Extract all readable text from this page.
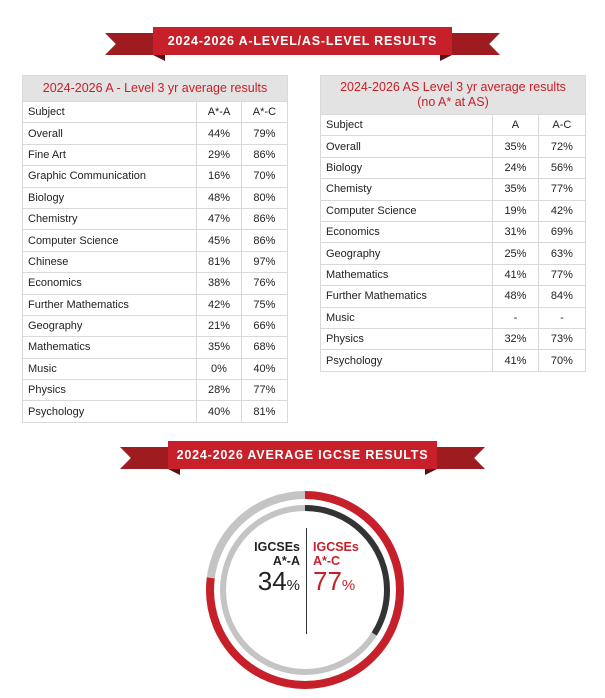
2024-2026 A-LEVEL/AS-LEVEL RESULTS
2024-2026 A - Level 3 yr average results
Subject	A*-A	A*-C
Overall	44%	79%
Fine Art	29%	86%
Graphic Communication	16%	70%
Biology	48%	80%
Chemistry	47%	86%
Computer Science	45%	86%
Chinese	81%	97%
Economics	38%	76%
Further Mathematics	42%	75%
Geography	21%	66%
Mathematics	35%	68%
Music	0%	40%
Physics	28%	77%
Psychology	40%	81%
2024-2026 AS Level 3 yr average results
(no A* at AS)
Subject	A	A-C
Overall	35%	72%
Biology	24%	56%
Chemisty	35%	77%
Computer Science	19%	42%
Economics	31%	69%
Geography	25%	63%
Mathematics	41%	77%
Further Mathematics	48%	84%
Music	-	-
Physics	32%	73%
Psychology	41%	70%
2024-2026 AVERAGE IGCSE RESULTS
IGCSEs
A*-A
34%
IGCSEs
A*-C
77%
